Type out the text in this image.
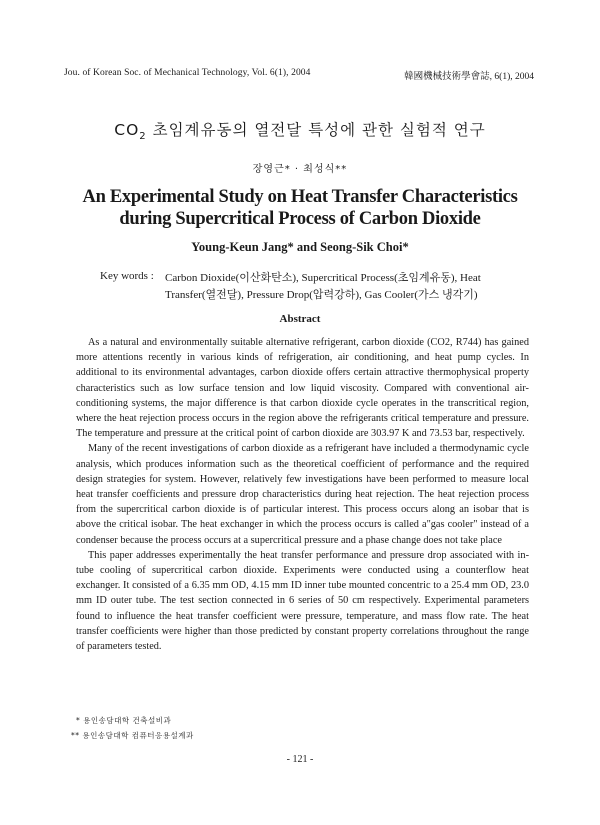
Jou. of Korean Soc. of Mechanical Technology, Vol. 6(1), 2004	韓國機械技術學會誌, 6(1), 2004
$CO_2$ 초임계유동의 열전달 특성에 관한 실험적 연구
장영근* · 최성식**
An Experimental Study on Heat Transfer Characteristics
during Supercritical Process of Carbon Dioxide
Young-Keun Jang* and Seong-Sik Choi*
Key words : Carbon Dioxide(이산화탄소), Supercritical Process(초임계유동), Heat Transfer(열전달), Pressure Drop(압력강하), Gas Cooler(가스 냉각기)
Abstract

As a natural and environmentally suitable alternative refrigerant, carbon dioxide (CO2, R744) has gained more attentions recently in various kinds of refrigeration, air conditioning, and heat pump cycles. In additional to its environmental advantages, carbon dioxide offers certain attractive thermophysical property characteristics such as low surface tension and low liquid viscosity. Compared with conventional air-conditioning systems, the major difference is that carbon dioxide cycle operates in the transcritical region, where the heat rejection process occurs in the region above the refrigerants critical temperature and pressure. The temperature and pressure at the critical point of carbon dioxide are 303.97 K and 73.53 bar, respectively.

Many of the recent investigations of carbon dioxide as a refrigerant have included a thermodynamic cycle analysis, which produces information such as the theoretical coefficient of performance and the required design strategies for system. However, relatively few investigations have been performed to measure local heat transfer coefficients and pressure drop characteristics during heat rejection. The heat rejection process from the supercritical carbon dioxide is of particular interest. This process occurs along an isobar that is above the critical isobar. The heat exchanger in which the process occurs is called a"gas cooler" instead of a condenser because the process occurs at a supercritical pressure and a phase change does not take place

This paper addresses experimentally the heat transfer performance and pressure drop associated with in-tube cooling of supercritical carbon dioxide. Experiments were conducted using a counterflow heat exchanger. It consisted of a 6.35 mm OD, 4.15 mm ID inner tube mounted concentric to a 25.4 mm OD, 23.0 mm ID outer tube. The test section connected in 6 series of 50 cm respectively. Experimental parameters found to influence the heat transfer coefficient were pressure, temperature, and mass flow rate. The heat transfer coefficients were higher than those predicted by constant property correlations throughout the range of parameters tested.

* 용인송담대학 건축설비과
** 용인송담대학 컴퓨터응용설계과
- 121 -
